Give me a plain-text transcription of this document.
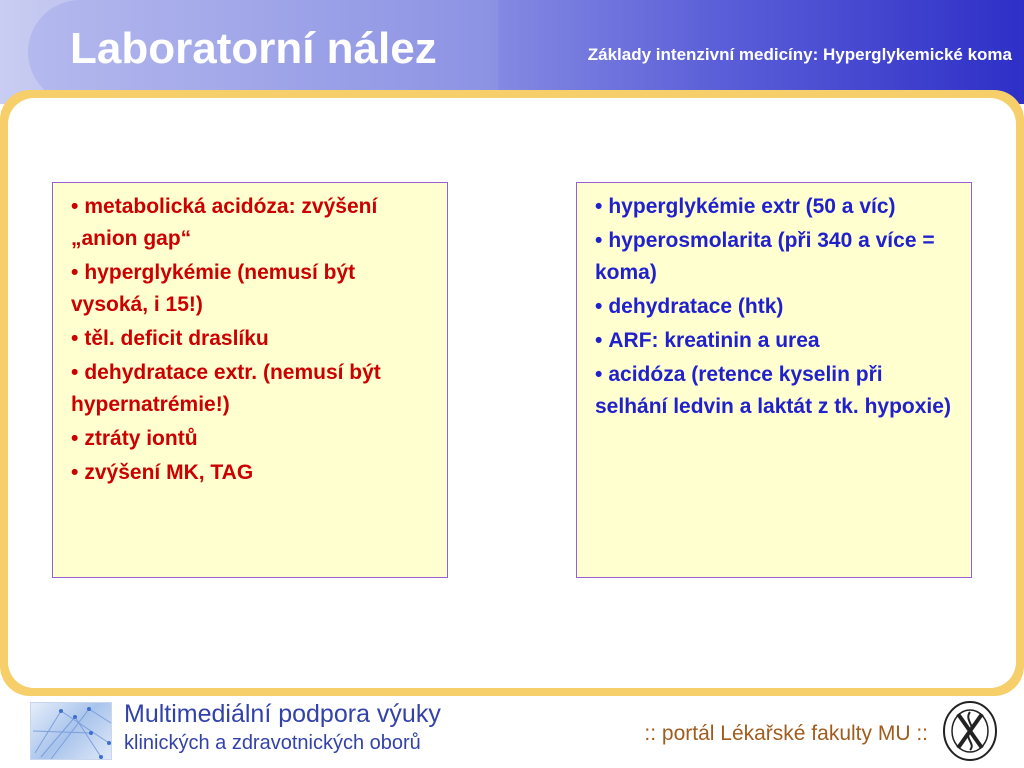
Laboratorní nález	Základy intenzivní medicíny: Hyperglykemické koma
• metabolická acidóza: zvýšení „anion gap“
• hyperglykémie (nemusí být vysoká, i 15!)
• těl. deficit draslíku
• dehydratace extr. (nemusí být hypernatrémie!)
• ztráty iontů
• zvýšení MK, TAG
• hyperglykémie extr (50 a víc)
• hyperosmolarita (při 340 a více = koma)
• dehydratace (htk)
• ARF: kreatinin a urea
• acidóza (retence kyselin při selhání ledvin a laktát z tk. hypoxie)
Multimediální podpora výuky
klinických a zdravotnických oborů	:: portál Lékařské fakulty MU ::
